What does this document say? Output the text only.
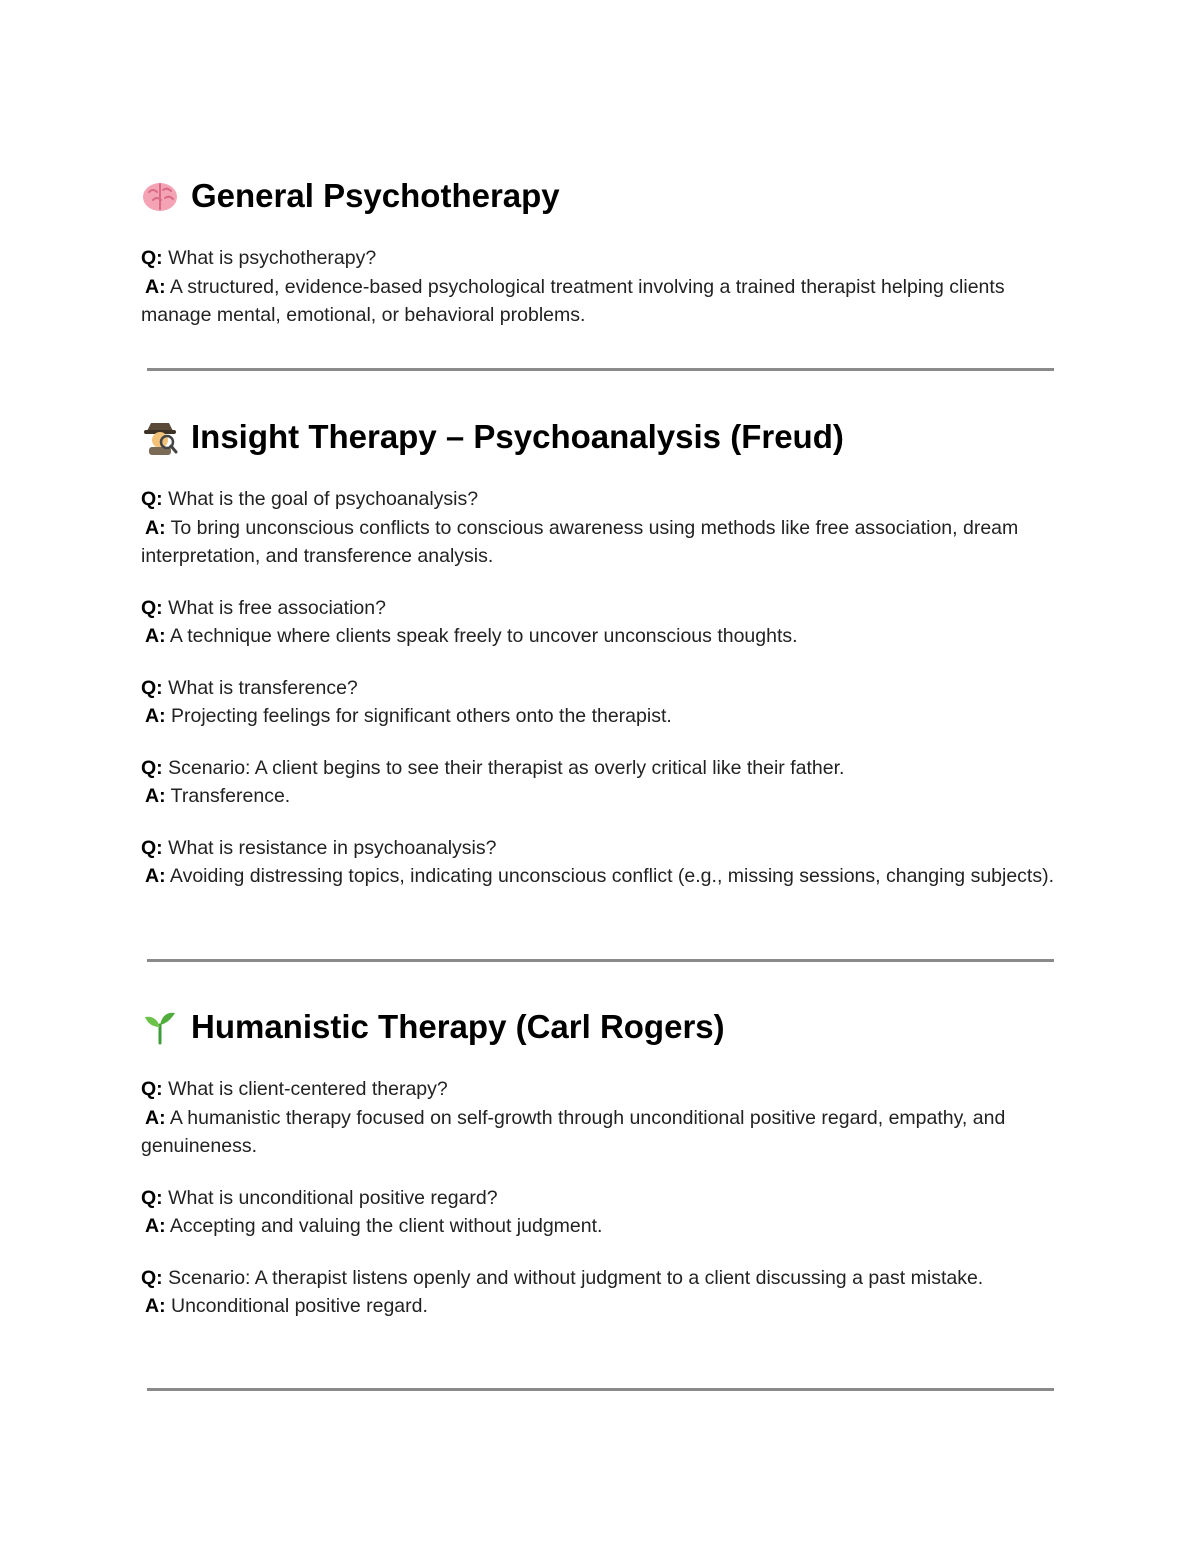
General Psychotherapy

Q: What is psychotherapy?

A: A structured, evidence-based psychological treatment involving a trained therapist helping clients manage mental, emotional, or behavioral problems.

Insight Therapy – Psychoanalysis (Freud)

Q: What is the goal of psychoanalysis?

A: To bring unconscious conflicts to conscious awareness using methods like free association, dream interpretation, and transference analysis.

Q: What is free association?

A: A technique where clients speak freely to uncover unconscious thoughts.

Q: What is transference?

A: Projecting feelings for significant others onto the therapist.

Q: Scenario: A client begins to see their therapist as overly critical like their father.

A: Transference.

Q: What is resistance in psychoanalysis?

A: Avoiding distressing topics, indicating unconscious conflict (e.g., missing sessions, changing subjects).

Humanistic Therapy (Carl Rogers)

Q: What is client-centered therapy?

A: A humanistic therapy focused on self-growth through unconditional positive regard, empathy, and genuineness.

Q: What is unconditional positive regard?

A: Accepting and valuing the client without judgment.

Q: Scenario: A therapist listens openly and without judgment to a client discussing a past mistake.

A: Unconditional positive regard.
